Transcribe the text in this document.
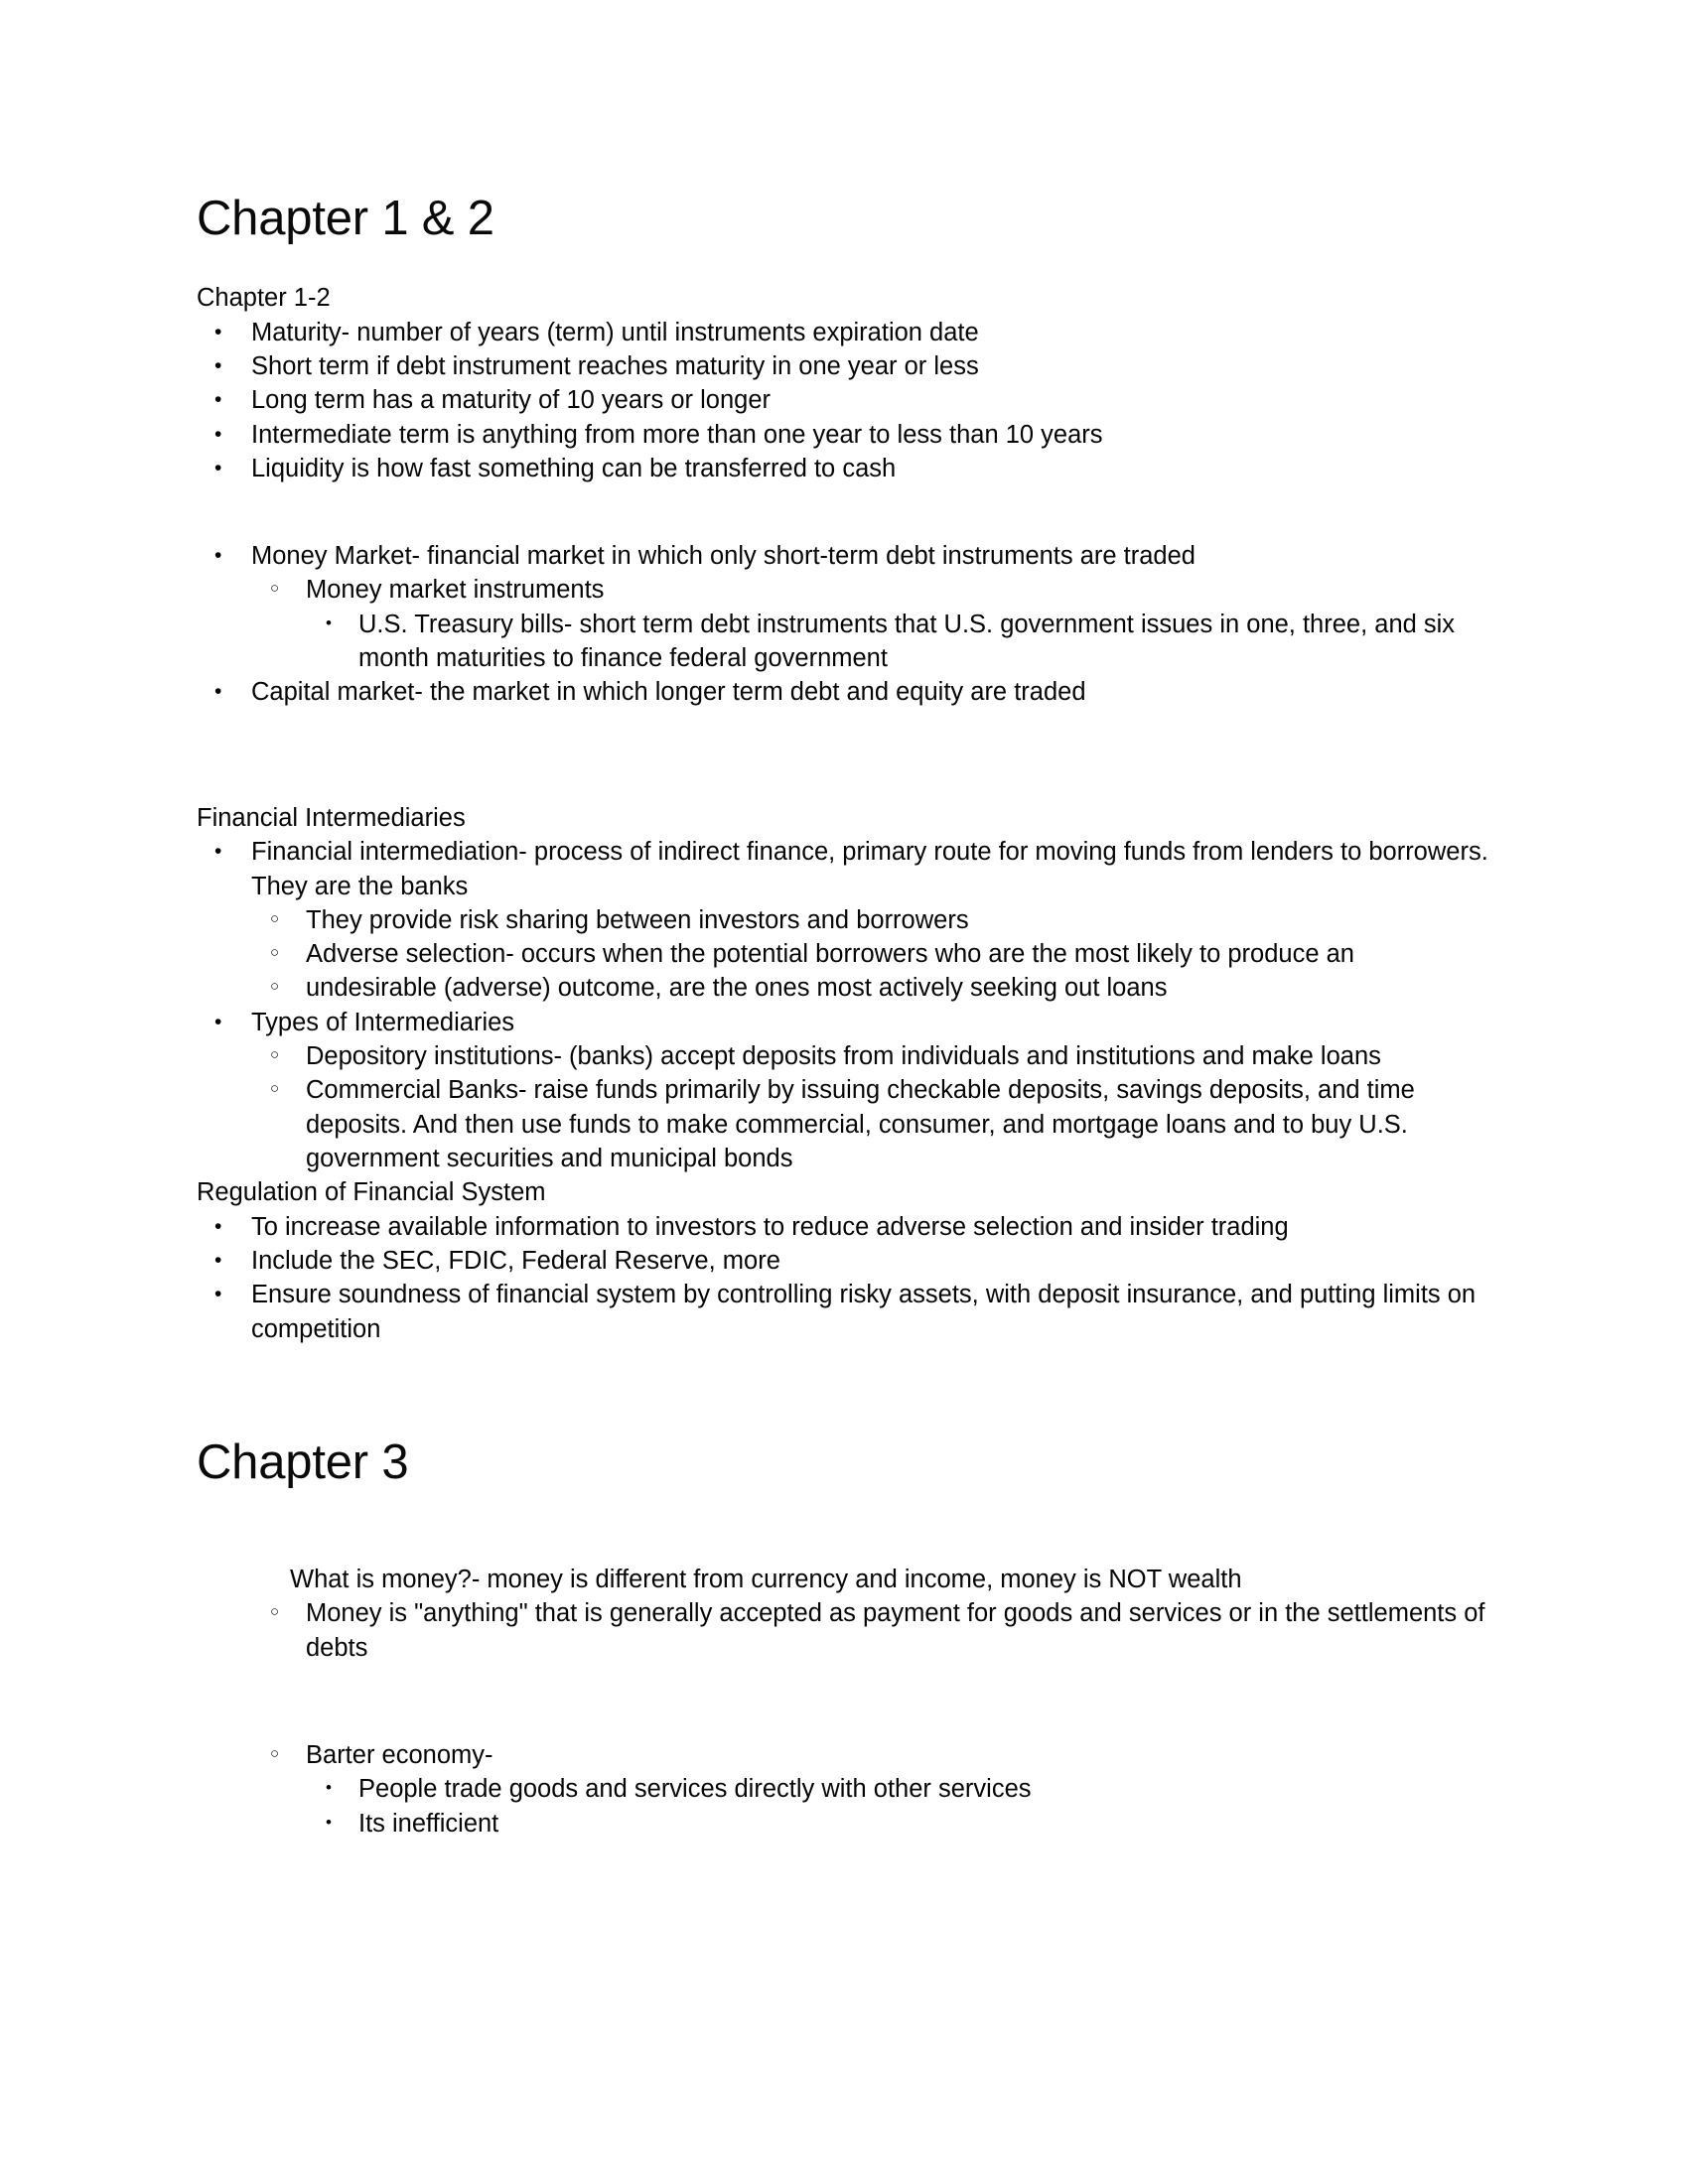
Chapter 1 & 2

Chapter 1-2

• Maturity- number of years (term) until instruments expiration date
• Short term if debt instrument reaches maturity in one year or less
• Long term has a maturity of 10 years or longer
• Intermediate term is anything from more than one year to less than 10 years
• Liquidity is how fast something can be transferred to cash
• Money Market- financial market in which only short-term debt instruments are traded
○ Money market instruments
• U.S. Treasury bills- short term debt instruments that U.S. government issues in one, three, and six month maturities to finance federal government
• Capital market- the market in which longer term debt and equity are traded

Financial Intermediaries

• Financial intermediation- process of indirect finance, primary route for moving funds from lenders to borrowers. They are the banks
○ They provide risk sharing between investors and borrowers
○ Adverse selection- occurs when the potential borrowers who are the most likely to produce an
○ undesirable (adverse) outcome, are the ones most actively seeking out loans
• Types of Intermediaries
○ Depository institutions- (banks) accept deposits from individuals and institutions and make loans
○ Commercial Banks- raise funds primarily by issuing checkable deposits, savings deposits, and time deposits. And then use funds to make commercial, consumer, and mortgage loans and to buy U.S. government securities and municipal bonds

Regulation of Financial System

• To increase available information to investors to reduce adverse selection and insider trading
• Include the SEC, FDIC, Federal Reserve, more
• Ensure soundness of financial system by controlling risky assets, with deposit insurance, and putting limits on competition
Chapter 3
What is money?- money is different from currency and income, money is NOT wealth
○ Money is "anything" that is generally accepted as payment for goods and services or in the settlements of debts
○ Barter economy-
• People trade goods and services directly with other services
• Its inefficient
